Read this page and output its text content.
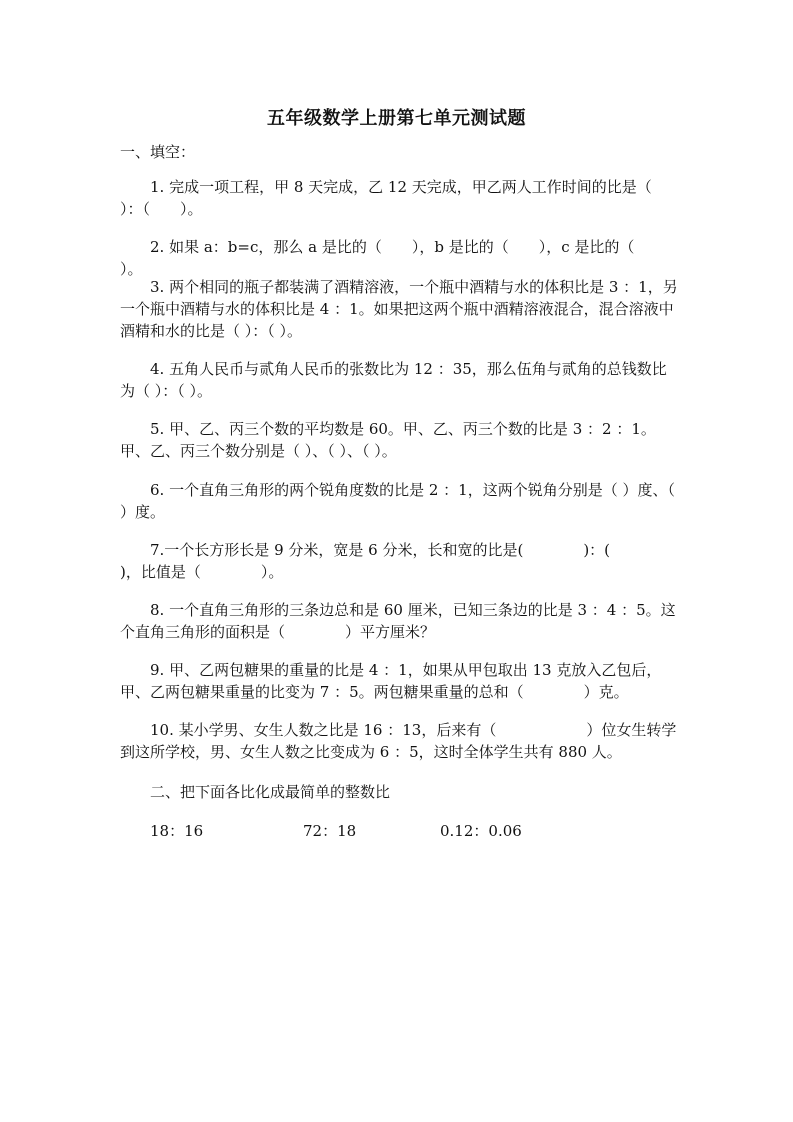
五年级数学上册第七单元测试题
一、填空：
1. 完成一项工程，甲 8 天完成，乙 12 天完成，甲乙两人工作时间的比是（　　）：（　　）。
2. 如果 a：b=c，那么 a 是比的（　　），b 是比的（　　），c 是比的（　　）。
3. 两个相同的瓶子都装满了酒精溶液，一个瓶中酒精与水的体积比是 3 ：1，另一个瓶中酒精与水的体积比是 4 ：1。如果把这两个瓶中酒精溶液混合，混合溶液中酒精和水的比是（ ）：（ ）。
4. 五角人民币与贰角人民币的张数比为 12 ：35，那么伍角与贰角的总钱数比为（ ）：（ ）。
5. 甲、乙、丙三个数的平均数是 60。甲、乙、丙三个数的比是 3 ：2 ：1。甲、乙、丙三个数分别是（ ）、（ ）、（ ）。
6. 一个直角三角形的两个锐角度数的比是 2 ：1，这两个锐角分别是（ ）度、（ ）度。
7.一个长方形长是 9 分米，宽是 6 分米，长和宽的比是(　　　　)：(　　　　)，比值是（　　　　）。
8. 一个直角三角形的三条边总和是 60 厘米，已知三条边的比是 3 ：4 ：5。这个直角三角形的面积是（　　　　）平方厘米？
9. 甲、乙两包糖果的重量的比是 4 ：1，如果从甲包取出 13 克放入乙包后，甲、乙两包糖果重量的比变为 7 ：5。两包糖果重量的总和（　　　　）克。
10. 某小学男、女生人数之比是 16 ：13，后来有（　　　　　　）位女生转学到这所学校，男、女生人数之比变成为 6 ：5，这时全体学生共有 880 人。
二、把下面各比化成最简单的整数比
18：16	72：18	0.12：0.06
